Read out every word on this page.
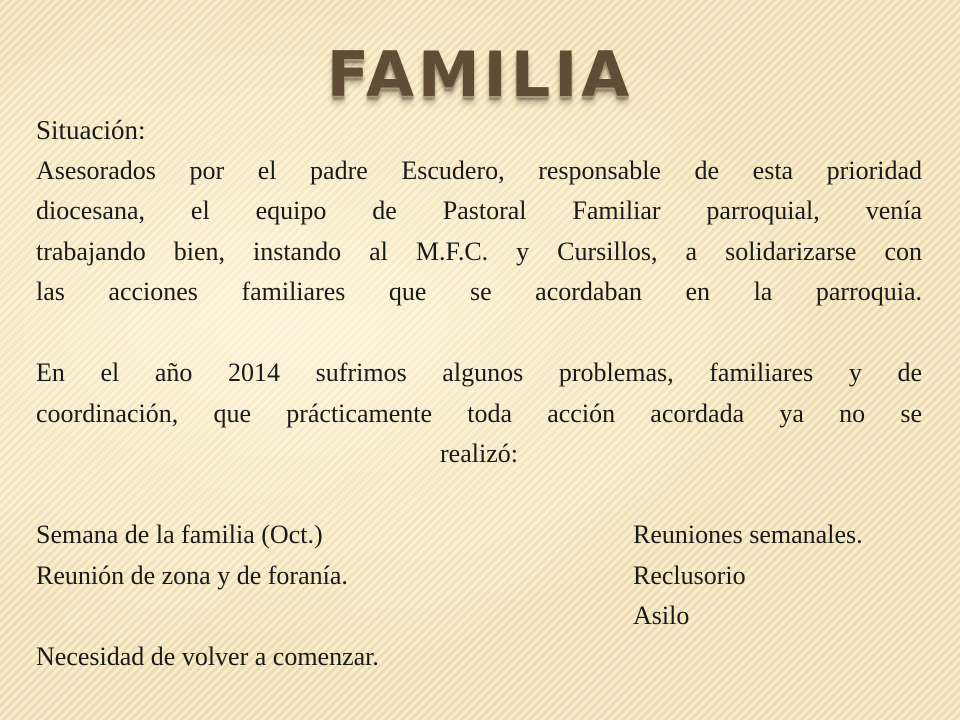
FAMILIA

Situación:

Asesorados por el padre Escudero, responsable de esta prioridad

diocesana, el equipo de Pastoral Familiar parroquial, venía

trabajando bien, instando al M.F.C. y Cursillos, a solidarizarse con

las acciones familiares que se acordaban en la parroquia.

En el año 2014 sufrimos algunos problemas, familiares y de

coordinación, que prácticamente toda acción acordada ya no se

realizó:

Semana de la familia (Oct.)	Reuniones semanales.
Reunión de zona y de foranía.	Reclusorio
Asilo

Necesidad de volver a comenzar.
